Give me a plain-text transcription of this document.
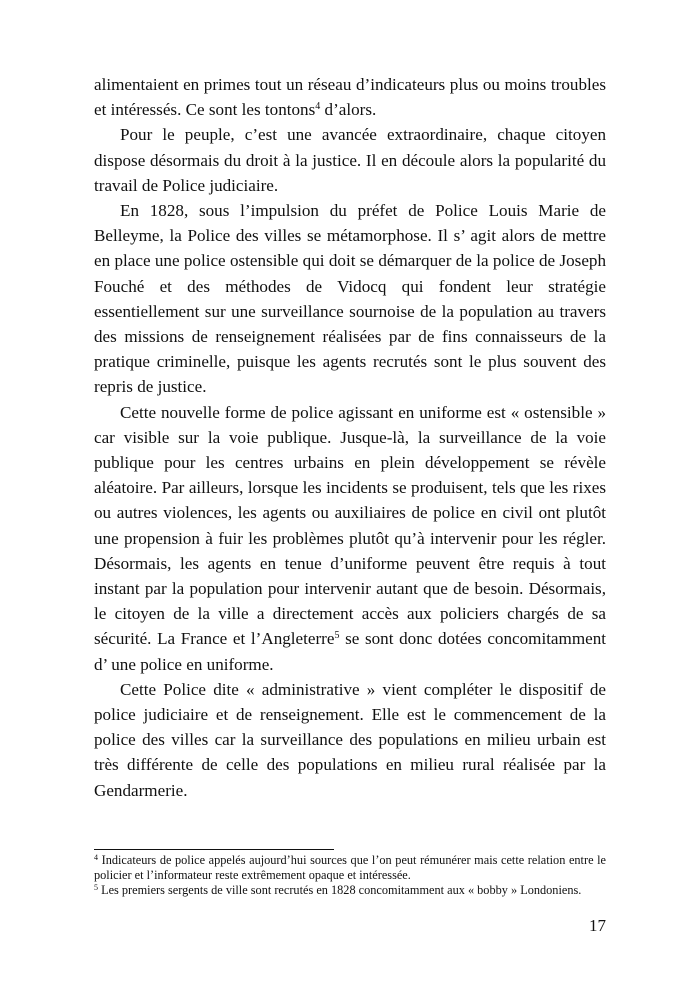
alimentaient en primes tout un réseau d’indicateurs plus ou moins troubles et intéressés. Ce sont les tontons$^4$ d’alors.

Pour le peuple, c’est une avancée extraordinaire, chaque citoyen dispose désormais du droit à la justice. Il en découle alors la popularité du travail de Police judiciaire.

En 1828, sous l’impulsion du préfet de Police Louis Marie de Belleyme, la Police des villes se métamorphose. Il s’ agit alors de mettre en place une police ostensible qui doit se démarquer de la police de Joseph Fouché et des méthodes de Vidocq qui fondent leur stratégie essentiellement sur une surveillance sournoise de la population au travers des missions de renseignement réalisées par de fins connaisseurs de la pratique criminelle, puisque les agents recrutés sont le plus souvent des repris de justice.

Cette nouvelle forme de police agissant en uniforme est « ostensible » car visible sur la voie publique. Jusque-là, la surveillance de la voie publique pour les centres urbains en plein développement se révèle aléatoire. Par ailleurs, lorsque les incidents se produisent, tels que les rixes ou autres violences, les agents ou auxiliaires de police en civil ont plutôt une propension à fuir les problèmes plutôt qu’à intervenir pour les régler. Désormais, les agents en tenue d’uniforme peuvent être requis à tout instant par la population pour intervenir autant que de besoin. Désormais, le citoyen de la ville a directement accès aux policiers chargés de sa sécurité. La France et l’Angleterre$^5$ se sont donc dotées concomitamment d’ une police en uniforme.

Cette Police dite « administrative » vient compléter le dispositif de police judiciaire et de renseignement. Elle est le commencement de la police des villes car la surveillance des populations en milieu urbain est très différente de celle des populations en milieu rural réalisée par la Gendarmerie.

$^4$ Indicateurs de police appelés aujourd’hui sources que l’on peut rémunérer mais cette relation entre le policier et l’informateur reste extrêmement opaque et intéressée.

$^5$ Les premiers sergents de ville sont recrutés en 1828 concomitamment aux « bobby » Londoniens.

17
